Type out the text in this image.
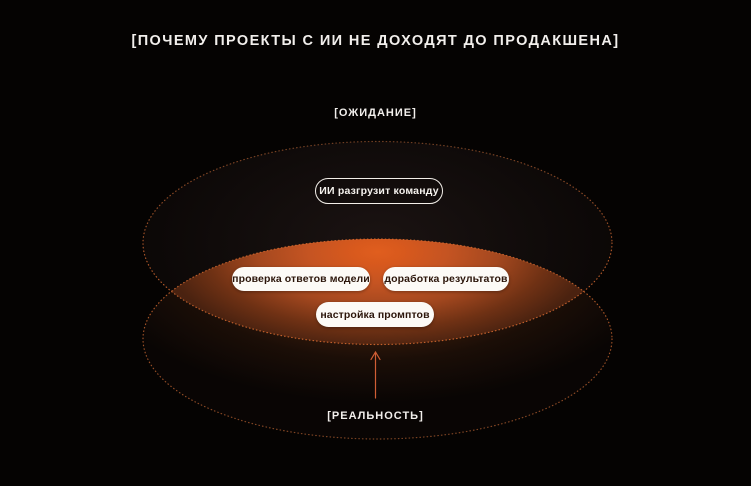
[ПОЧЕМУ ПРОЕКТЫ С ИИ НЕ ДОХОДЯТ ДО ПРОДАКШЕНА]
[ОЖИДАНИЕ]
ИИ разгрузит команду
проверка ответов модели доработка результатов
настройка промптов
[РЕАЛЬНОСТЬ]
